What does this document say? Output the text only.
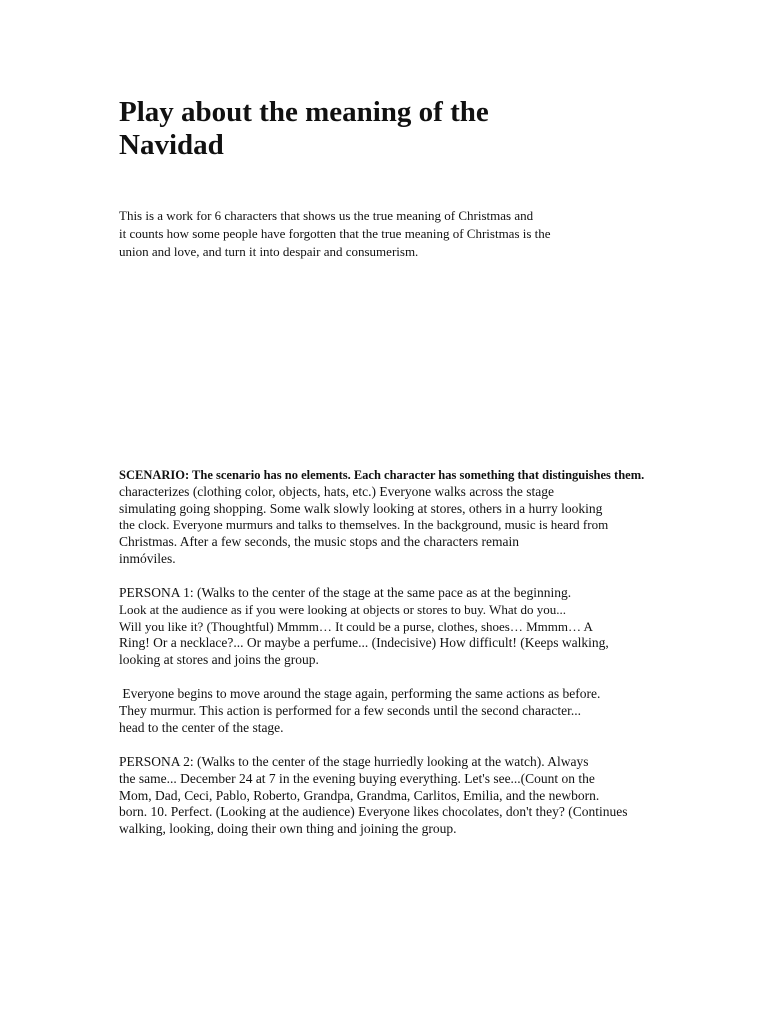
Play about the meaning of the
Navidad

This is a work for 6 characters that shows us the true meaning of Christmas and
it counts how some people have forgotten that the true meaning of Christmas is the
union and love, and turn it into despair and consumerism.

SCENARIO: The scenario has no elements. Each character has something that distinguishes them.
characterizes (clothing color, objects, hats, etc.) Everyone walks across the stage
simulating going shopping. Some walk slowly looking at stores, others in a hurry looking
the clock. Everyone murmurs and talks to themselves. In the background, music is heard from
Christmas. After a few seconds, the music stops and the characters remain
inmóviles.

PERSONA 1: (Walks to the center of the stage at the same pace as at the beginning.
Look at the audience as if you were looking at objects or stores to buy. What do you...
Will you like it? (Thoughtful) Mmmm… It could be a purse, clothes, shoes… Mmmm… A
Ring! Or a necklace?... Or maybe a perfume... (Indecisive) How difficult! (Keeps walking,
looking at stores and joins the group.

Everyone begins to move around the stage again, performing the same actions as before.
They murmur. This action is performed for a few seconds until the second character...
head to the center of the stage.

PERSONA 2: (Walks to the center of the stage hurriedly looking at the watch). Always
the same... December 24 at 7 in the evening buying everything. Let's see...(Count on the
Mom, Dad, Ceci, Pablo, Roberto, Grandpa, Grandma, Carlitos, Emilia, and the newborn.
born. 10. Perfect. (Looking at the audience) Everyone likes chocolates, don't they? (Continues
walking, looking, doing their own thing and joining the group.
